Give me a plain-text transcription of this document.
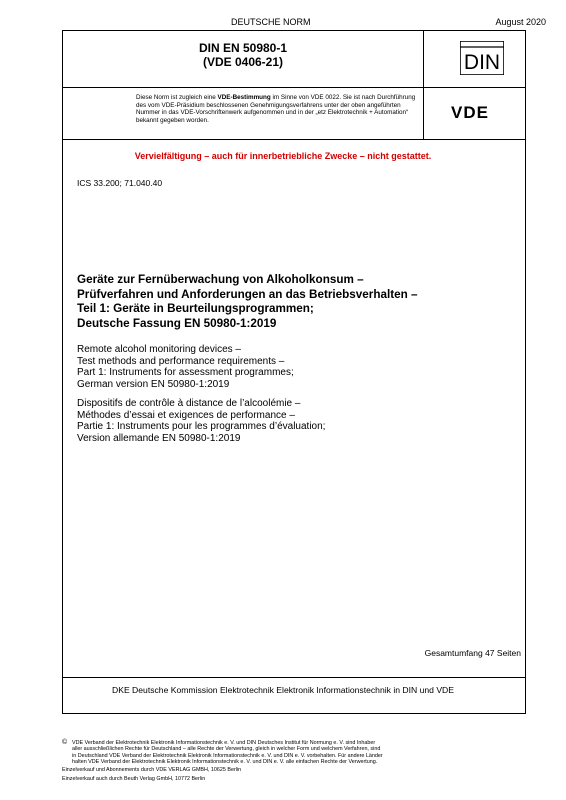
DEUTSCHE NORM	August 2020
DIN EN 50980-1
(VDE 0406-21)
Diese Norm ist zugleich eine VDE-Bestimmung im Sinne von VDE 0022. Sie ist nach Durchführung des vom VDE-Präsidium beschlossenen Genehmigungsverfahrens unter der oben angeführten Nummer in das VDE-Vorschriftenwerk aufgenommen und in der „etz Elektrotechnik + Automation“ bekannt gegeben worden.
DIN
VDE
Vervielfältigung – auch für innerbetriebliche Zwecke – nicht gestattet.
ICS 33.200; 71.040.40
Geräte zur Fernüberwachung von Alkoholkonsum –
Prüfverfahren und Anforderungen an das Betriebsverhalten –
Teil 1: Geräte in Beurteilungsprogrammen;
Deutsche Fassung EN 50980-1:2019
Remote alcohol monitoring devices –
Test methods and performance requirements –
Part 1: Instruments for assessment programmes;
German version EN 50980-1:2019
Dispositifs de contrôle à distance de l’alcoolémie –
Méthodes d’essai et exigences de performance –
Partie 1: Instruments pour les programmes d’évaluation;
Version allemande EN 50980-1:2019
Gesamtumfang 47 Seiten
DKE Deutsche Kommission Elektrotechnik Elektronik Informationstechnik in DIN und VDE
© VDE Verband der Elektrotechnik Elektronik Informationstechnik e. V. und DIN Deutsches Institut für Normung e. V. sind Inhaber
aller ausschließlichen Rechte für Deutschland – alle Rechte der Verwertung, gleich in welcher Form und welchem Verfahren, sind
in Deutschland VDE Verband der Elektrotechnik Elektronik Informationstechnik e. V. und DIN e. V. vorbehalten. Für andere Länder
halten VDE Verband der Elektrotechnik Elektronik Informationstechnik e. V. und DIN e. V. alle einfachen Rechte der Verwertung.
Einzelverkauf und Abonnements durch VDE VERLAG GMBH, 10625 Berlin
Einzelverkauf auch durch Beuth Verlag GmbH, 10772 Berlin
